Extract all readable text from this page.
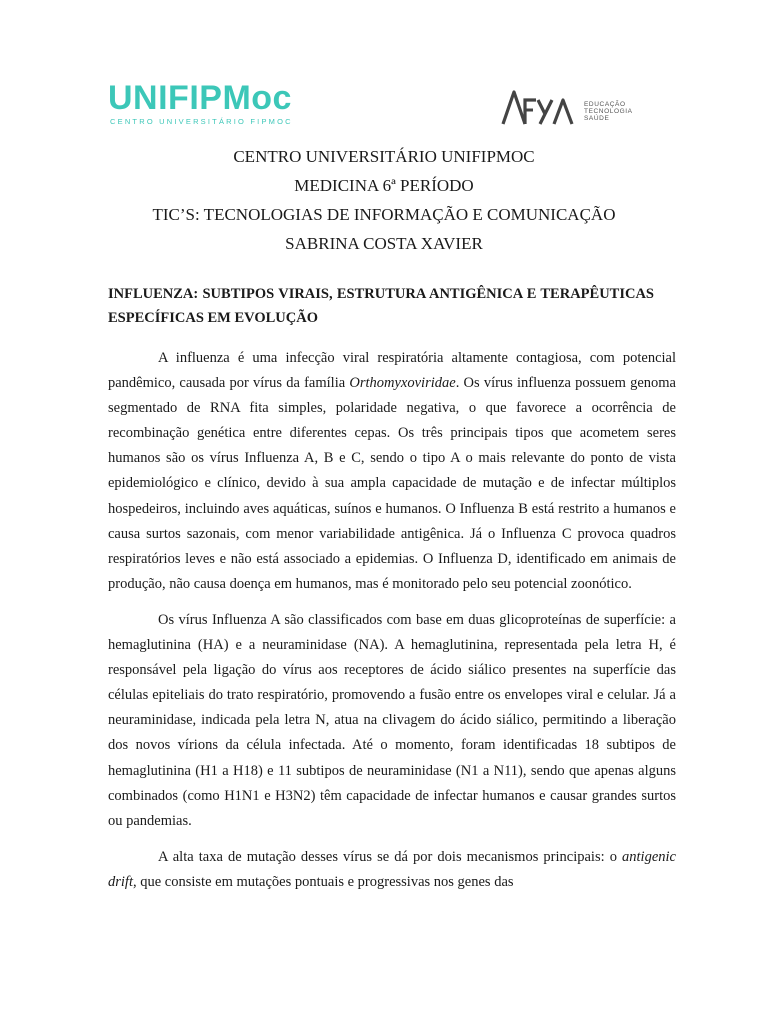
UNIFIPMoc
CENTRO UNIVERSITÁRIO FIPMOC
EDUCAÇÃO
TECNOLOGIA
SAÚDE
CENTRO UNIVERSITÁRIO UNIFIPMOC
MEDICINA 6ª PERÍODO
TIC’S: TECNOLOGIAS DE INFORMAÇÃO E COMUNICAÇÃO
SABRINA COSTA XAVIER
INFLUENZA: SUBTIPOS VIRAIS, ESTRUTURA ANTIGÊNICA E TERAPÊUTICAS ESPECÍFICAS EM EVOLUÇÃO

A influenza é uma infecção viral respiratória altamente contagiosa, com potencial pandêmico, causada por vírus da família Orthomyxoviridae. Os vírus influenza possuem genoma segmentado de RNA fita simples, polaridade negativa, o que favorece a ocorrência de recombinação genética entre diferentes cepas. Os três principais tipos que acometem seres humanos são os vírus Influenza A, B e C, sendo o tipo A o mais relevante do ponto de vista epidemiológico e clínico, devido à sua ampla capacidade de mutação e de infectar múltiplos hospedeiros, incluindo aves aquáticas, suínos e humanos. O Influenza B está restrito a humanos e causa surtos sazonais, com menor variabilidade antigênica. Já o Influenza C provoca quadros respiratórios leves e não está associado a epidemias. O Influenza D, identificado em animais de produção, não causa doença em humanos, mas é monitorado pelo seu potencial zoonótico.

Os vírus Influenza A são classificados com base em duas glicoproteínas de superfície: a hemaglutinina (HA) e a neuraminidase (NA). A hemaglutinina, representada pela letra H, é responsável pela ligação do vírus aos receptores de ácido siálico presentes na superfície das células epiteliais do trato respiratório, promovendo a fusão entre os envelopes viral e celular. Já a neuraminidase, indicada pela letra N, atua na clivagem do ácido siálico, permitindo a liberação dos novos vírions da célula infectada. Até o momento, foram identificadas 18 subtipos de hemaglutinina (H1 a H18) e 11 subtipos de neuraminidase (N1 a N11), sendo que apenas alguns combinados (como H1N1 e H3N2) têm capacidade de infectar humanos e causar grandes surtos ou pandemias.

A alta taxa de mutação desses vírus se dá por dois mecanismos principais: o antigenic drift, que consiste em mutações pontuais e progressivas nos genes das
